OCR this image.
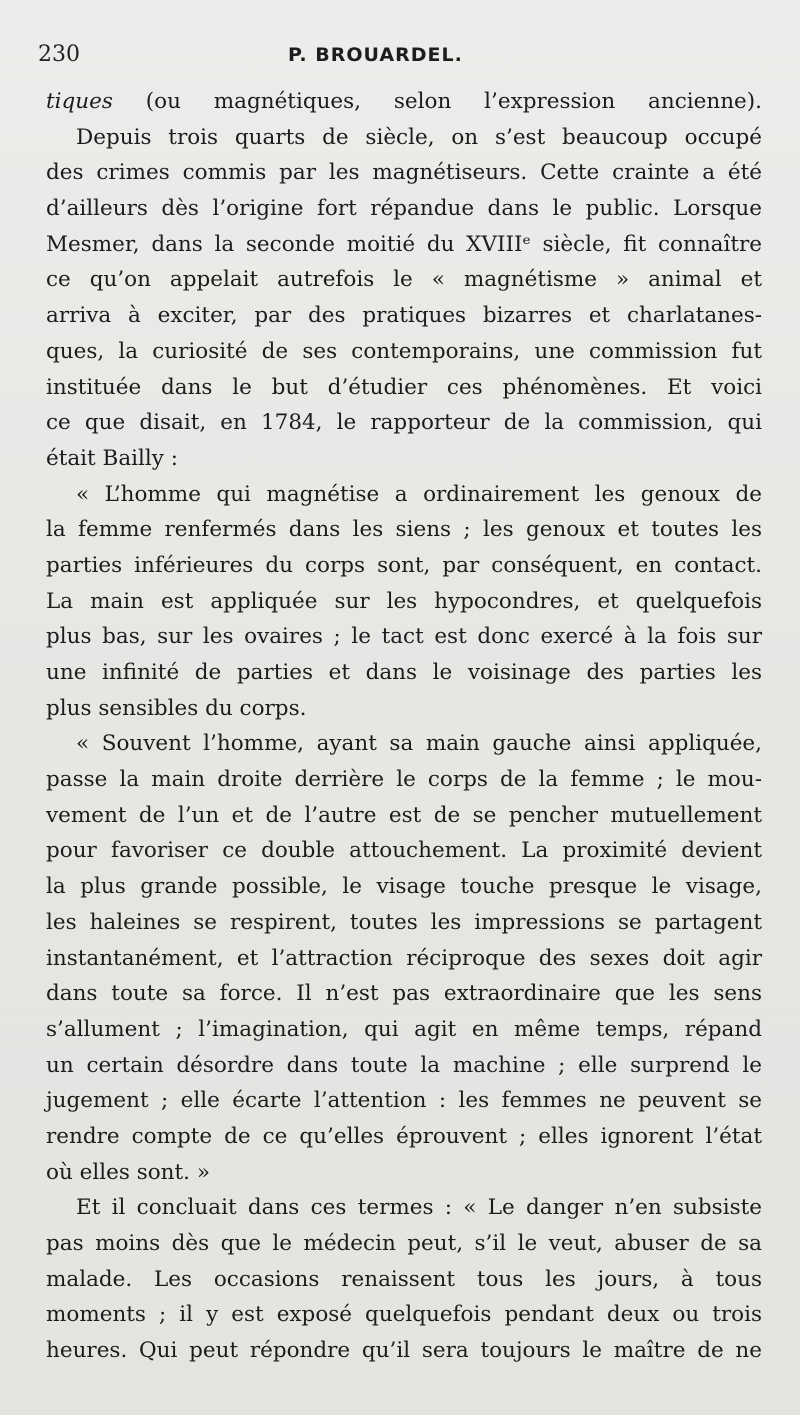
230	P. BROUARDEL.
tiques (ou magnétiques, selon l’expression ancienne).
Depuis trois quarts de siècle, on s’est beaucoup occupé
des crimes commis par les magnétiseurs. Cette crainte a été
d’ailleurs dès l’origine fort répandue dans le public. Lorsque
Mesmer, dans la seconde moitié du XVIIIᵉ siècle, fit connaître
ce qu’on appelait autrefois le « magnétisme » animal et
arriva à exciter, par des pratiques bizarres et charlatanes-
ques, la curiosité de ses contemporains, une commission fut
instituée dans le but d’étudier ces phénomènes. Et voici
ce que disait, en 1784, le rapporteur de la commission, qui
était Bailly :
« L’homme qui magnétise a ordinairement les genoux de
la femme renfermés dans les siens ; les genoux et toutes les
parties inférieures du corps sont, par conséquent, en contact.
La main est appliquée sur les hypocondres, et quelquefois
plus bas, sur les ovaires ; le tact est donc exercé à la fois sur
une infinité de parties et dans le voisinage des parties les
plus sensibles du corps.
« Souvent l’homme, ayant sa main gauche ainsi appliquée,
passe la main droite derrière le corps de la femme ; le mou-
vement de l’un et de l’autre est de se pencher mutuellement
pour favoriser ce double attouchement. La proximité devient
la plus grande possible, le visage touche presque le visage,
les haleines se respirent, toutes les impressions se partagent
instantanément, et l’attraction réciproque des sexes doit agir
dans toute sa force. Il n’est pas extraordinaire que les sens
s’allument ; l’imagination, qui agit en même temps, répand
un certain désordre dans toute la machine ; elle surprend le
jugement ; elle écarte l’attention : les femmes ne peuvent se
rendre compte de ce qu’elles éprouvent ; elles ignorent l’état
où elles sont. »
Et il concluait dans ces termes : « Le danger n’en subsiste
pas moins dès que le médecin peut, s’il le veut, abuser de sa
malade. Les occasions renaissent tous les jours, à tous
moments ; il y est exposé quelquefois pendant deux ou trois
heures. Qui peut répondre qu’il sera toujours le maître de ne
